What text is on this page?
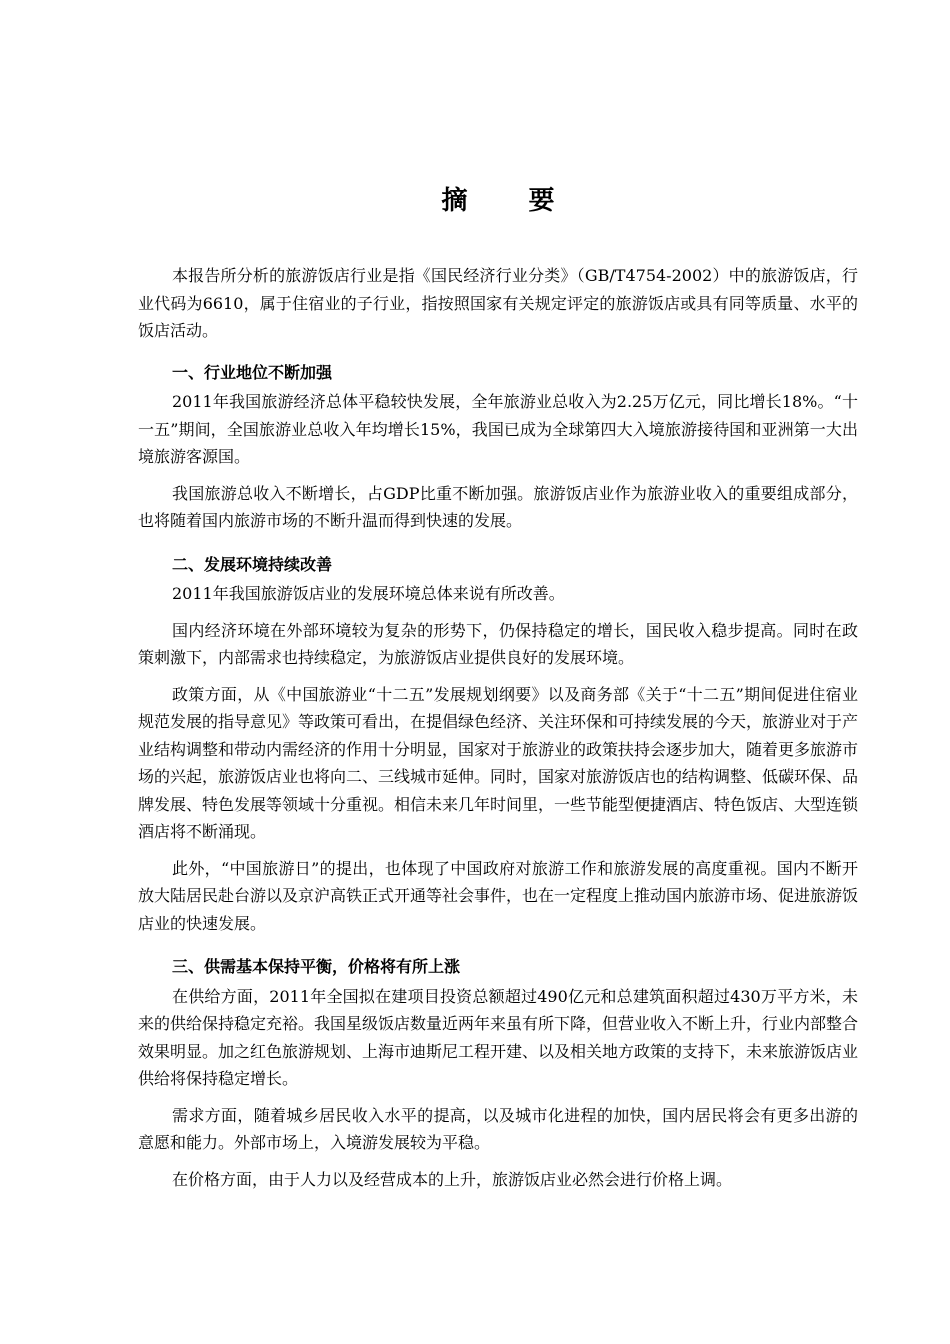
摘 要

本报告所分析的旅游饭店行业是指《国民经济行业分类》（GB/T4754-2002）中的旅游饭店，行业代码为6610，属于住宿业的子行业，指按照国家有关规定评定的旅游饭店或具有同等质量、水平的饭店活动。

一、行业地位不断加强

2011年我国旅游经济总体平稳较快发展，全年旅游业总收入为2.25万亿元，同比增长18%。“十一五”期间，全国旅游业总收入年均增长15%，我国已成为全球第四大入境旅游接待国和亚洲第一大出境旅游客源国。

我国旅游总收入不断增长，占GDP比重不断加强。旅游饭店业作为旅游业收入的重要组成部分，也将随着国内旅游市场的不断升温而得到快速的发展。

二、发展环境持续改善

2011年我国旅游饭店业的发展环境总体来说有所改善。

国内经济环境在外部环境较为复杂的形势下，仍保持稳定的增长，国民收入稳步提高。同时在政策刺激下，内部需求也持续稳定，为旅游饭店业提供良好的发展环境。

政策方面，从《中国旅游业“十二五”发展规划纲要》以及商务部《关于“十二五”期间促进住宿业规范发展的指导意见》等政策可看出，在提倡绿色经济、关注环保和可持续发展的今天，旅游业对于产业结构调整和带动内需经济的作用十分明显，国家对于旅游业的政策扶持会逐步加大，随着更多旅游市场的兴起，旅游饭店业也将向二、三线城市延伸。同时，国家对旅游饭店也的结构调整、低碳环保、品牌发展、特色发展等领域十分重视。相信未来几年时间里，一些节能型便捷酒店、特色饭店、大型连锁酒店将不断涌现。

此外，“中国旅游日”的提出，也体现了中国政府对旅游工作和旅游发展的高度重视。国内不断开放大陆居民赴台游以及京沪高铁正式开通等社会事件，也在一定程度上推动国内旅游市场、促进旅游饭店业的快速发展。

三、供需基本保持平衡，价格将有所上涨

在供给方面，2011年全国拟在建项目投资总额超过490亿元和总建筑面积超过430万平方米，未来的供给保持稳定充裕。我国星级饭店数量近两年来虽有所下降，但营业收入不断上升，行业内部整合效果明显。加之红色旅游规划、上海市迪斯尼工程开建、以及相关地方政策的支持下，未来旅游饭店业供给将保持稳定增长。

需求方面，随着城乡居民收入水平的提高，以及城市化进程的加快，国内居民将会有更多出游的意愿和能力。外部市场上，入境游发展较为平稳。

在价格方面，由于人力以及经营成本的上升，旅游饭店业必然会进行价格上调。
